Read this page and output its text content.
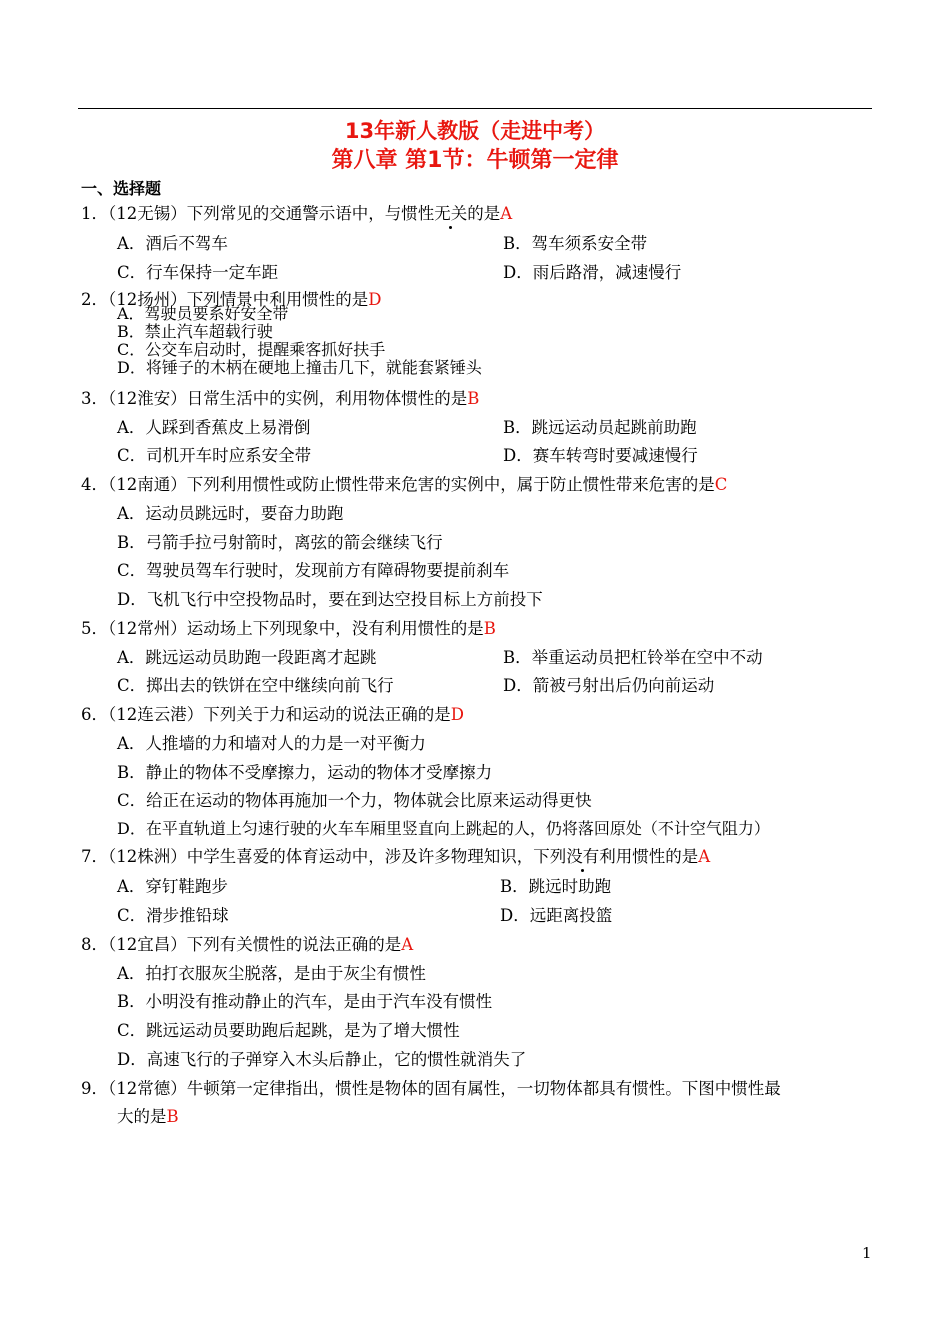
13年新人教版（走进中考）
第八章 第1节：牛顿第一定律
一、选择题
1．（12无锡）下列常见的交通警示语中，与惯性无关的是A
A．酒后不驾车	B．驾车须系安全带
C．行车保持一定车距	D．雨后路滑，减速慢行
2．（12扬州）下列情景中利用惯性的是D
A．驾驶员要系好安全带
B．禁止汽车超载行驶
C．公交车启动时，提醒乘客抓好扶手
D．将锤子的木柄在硬地上撞击几下，就能套紧锤头
3．（12淮安）日常生活中的实例，利用物体惯性的是B
A．人踩到香蕉皮上易滑倒	B．跳远运动员起跳前助跑
C．司机开车时应系安全带	D．赛车转弯时要减速慢行
4．（12南通）下列利用惯性或防止惯性带来危害的实例中，属于防止惯性带来危害的是C
A．运动员跳远时，要奋力助跑
B．弓箭手拉弓射箭时，离弦的箭会继续飞行
C．驾驶员驾车行驶时，发现前方有障碍物要提前刹车
D．飞机飞行中空投物品时，要在到达空投目标上方前投下
5．（12常州）运动场上下列现象中，没有利用惯性的是B
A．跳远运动员助跑一段距离才起跳	B．举重运动员把杠铃举在空中不动
C．掷出去的铁饼在空中继续向前飞行	D．箭被弓射出后仍向前运动
6．（12连云港）下列关于力和运动的说法正确的是D
A．人推墙的力和墙对人的力是一对平衡力
B．静止的物体不受摩擦力，运动的物体才受摩擦力
C．给正在运动的物体再施加一个力，物体就会比原来运动得更快
D．在平直轨道上匀速行驶的火车车厢里竖直向上跳起的人，仍将落回原处（不计空气阻力）
7．（12株洲）中学生喜爱的体育运动中，涉及许多物理知识，下列没有利用惯性的是A
A．穿钉鞋跑步	B．跳远时助跑
C．滑步推铅球	D．远距离投篮
8．（12宜昌）下列有关惯性的说法正确的是A
A．拍打衣服灰尘脱落，是由于灰尘有惯性
B．小明没有推动静止的汽车，是由于汽车没有惯性
C．跳远运动员要助跑后起跳，是为了增大惯性
D．高速飞行的子弹穿入木头后静止，它的惯性就消失了
9．（12常德）牛顿第一定律指出，惯性是物体的固有属性，一切物体都具有惯性。下图中惯性最
大的是B
1
